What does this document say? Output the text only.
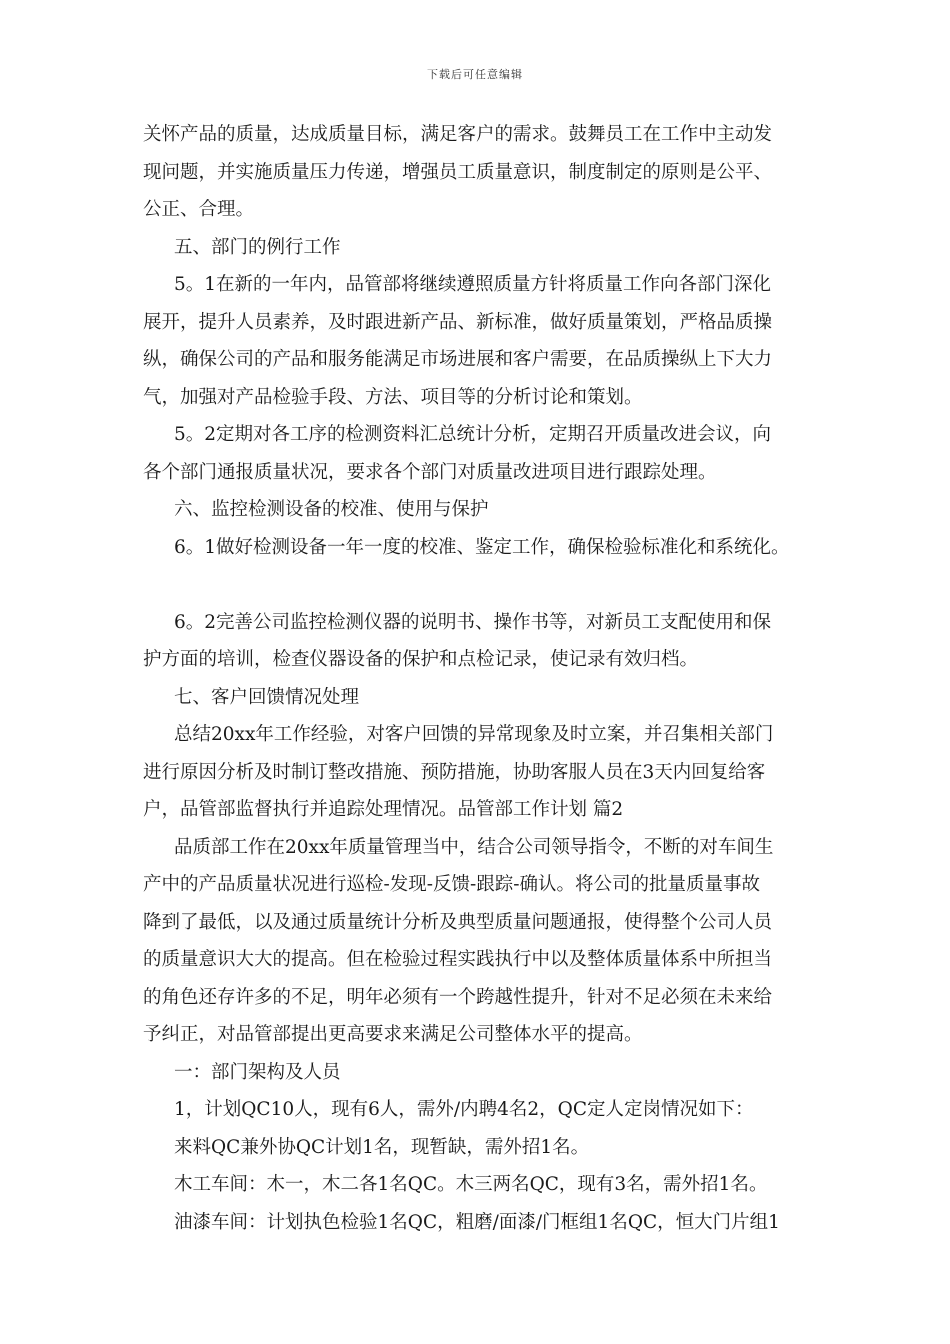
下载后可任意编辑
关怀产品的质量，达成质量目标，满足客户的需求。鼓舞员工在工作中主动发
现问题，并实施质量压力传递，增强员工质量意识，制度制定的原则是公平、
公正、合理。
五、部门的例行工作
5。1在新的一年内，品管部将继续遵照质量方针将质量工作向各部门深化
展开，提升人员素养，及时跟进新产品、新标准，做好质量策划，严格品质操
纵，确保公司的产品和服务能满足市场进展和客户需要，在品质操纵上下大力
气，加强对产品检验手段、方法、项目等的分析讨论和策划。
5。2定期对各工序的检测资料汇总统计分析，定期召开质量改进会议，向
各个部门通报质量状况，要求各个部门对质量改进项目进行跟踪处理。
六、监控检测设备的校准、使用与保护
6。1做好检测设备一年一度的校准、鉴定工作，确保检验标准化和系统化。
6。2完善公司监控检测仪器的说明书、操作书等，对新员工支配使用和保
护方面的培训，检查仪器设备的保护和点检记录，使记录有效归档。
七、客户回馈情况处理
总结20xx年工作经验，对客户回馈的异常现象及时立案，并召集相关部门
进行原因分析及时制订整改措施、预防措施，协助客服人员在3天内回复给客
户，品管部监督执行并追踪处理情况。品管部工作计划 篇2
品质部工作在20xx年质量管理当中，结合公司领导指令，不断的对车间生
产中的产品质量状况进行巡检-发现-反馈-跟踪-确认。将公司的批量质量事故
降到了最低，以及通过质量统计分析及典型质量问题通报，使得整个公司人员
的质量意识大大的提高。但在检验过程实践执行中以及整体质量体系中所担当
的角色还存许多的不足，明年必须有一个跨越性提升，针对不足必须在未来给
予纠正，对品管部提出更高要求来满足公司整体水平的提高。
一：部门架构及人员
1，计划QC10人，现有6人，需外/内聘4名2，QC定人定岗情况如下：
来料QC兼外协QC计划1名，现暂缺，需外招1名。
木工车间：木一，木二各1名QC。木三两名QC，现有3名，需外招1名。
油漆车间：计划执色检验1名QC，粗磨/面漆/门框组1名QC，恒大门片组1
